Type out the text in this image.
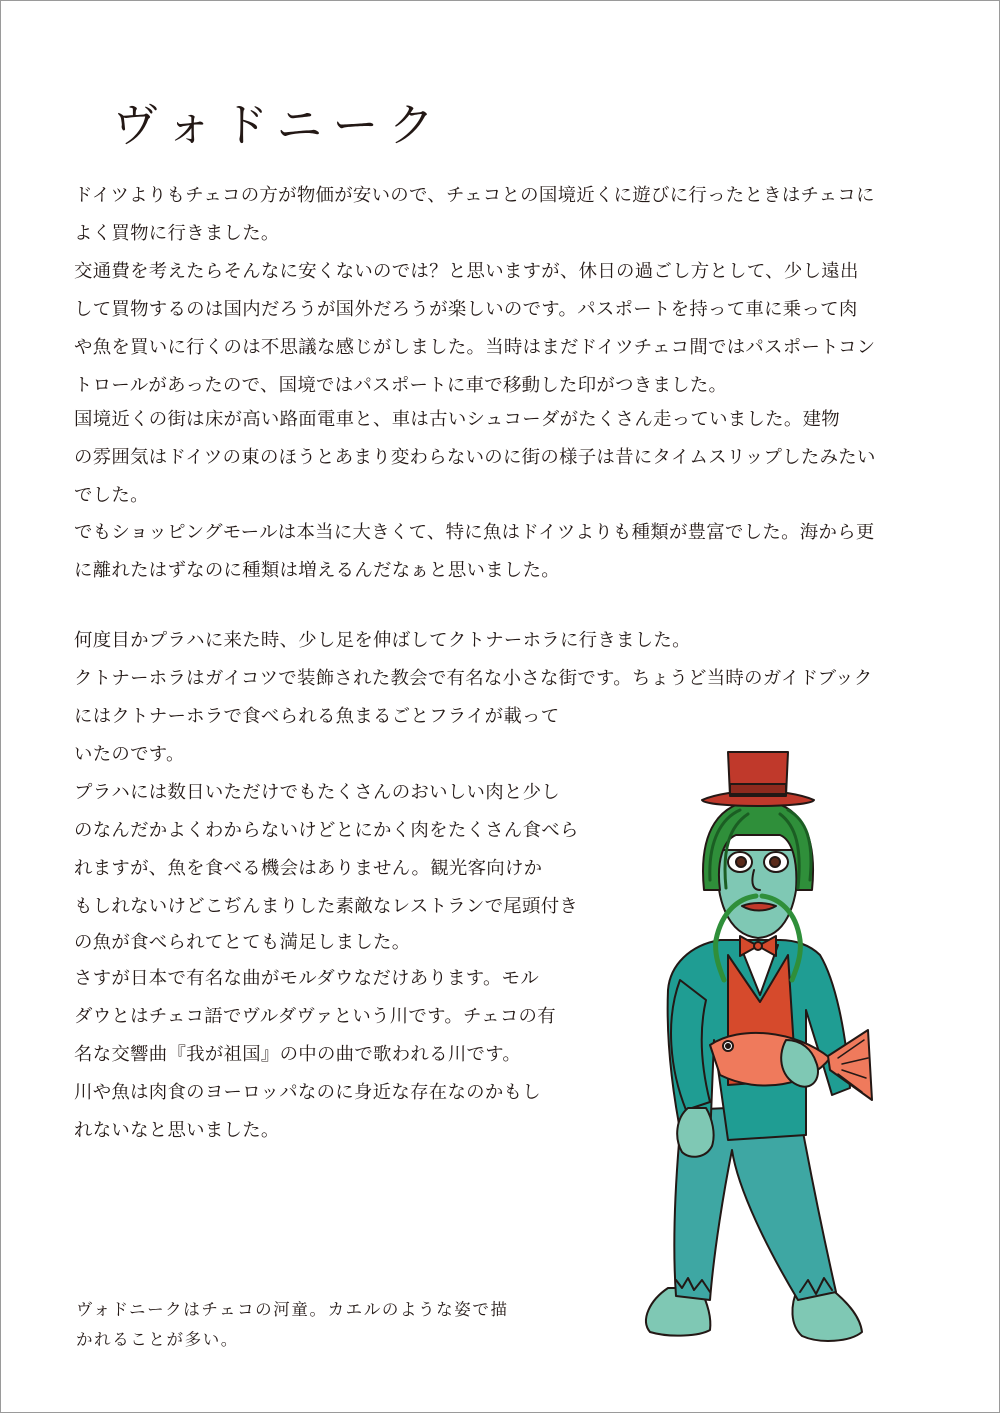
ヴォドニーク
ドイツよりもチェコの方が物価が安いので、チェコとの国境近くに遊びに行ったときはチェコに
よく買物に行きました。
交通費を考えたらそんなに安くないのでは？と思いますが、休日の過ごし方として、少し遠出
して買物するのは国内だろうが国外だろうが楽しいのです。パスポートを持って車に乗って肉
や魚を買いに行くのは不思議な感じがしました。当時はまだドイツチェコ間ではパスポートコン
トロールがあったので、国境ではパスポートに車で移動した印がつきました。
国境近くの街は床が高い路面電車と、車は古いシュコーダがたくさん走っていました。建物
の雰囲気はドイツの東のほうとあまり変わらないのに街の様子は昔にタイムスリップしたみたい
でした。
でもショッピングモールは本当に大きくて、特に魚はドイツよりも種類が豊富でした。海から更
に離れたはずなのに種類は増えるんだなぁと思いました。
何度目かプラハに来た時、少し足を伸ばしてクトナーホラに行きました。
クトナーホラはガイコツで装飾された教会で有名な小さな街です。ちょうど当時のガイドブック
にはクトナーホラで食べられる魚まるごとフライが載って
いたのです。
プラハには数日いただけでもたくさんのおいしい肉と少し
のなんだかよくわからないけどとにかく肉をたくさん食べら
れますが、魚を食べる機会はありません。観光客向けか
もしれないけどこぢんまりした素敵なレストランで尾頭付き
の魚が食べられてとても満足しました。
さすが日本で有名な曲がモルダウなだけあります。モル
ダウとはチェコ語でヴルダヴァという川です。チェコの有
名な交響曲『我が祖国』の中の曲で歌われる川です。
川や魚は肉食のヨーロッパなのに身近な存在なのかもし
れないなと思いました。
ヴォドニークはチェコの河童。カエルのような姿で描
かれることが多い。
